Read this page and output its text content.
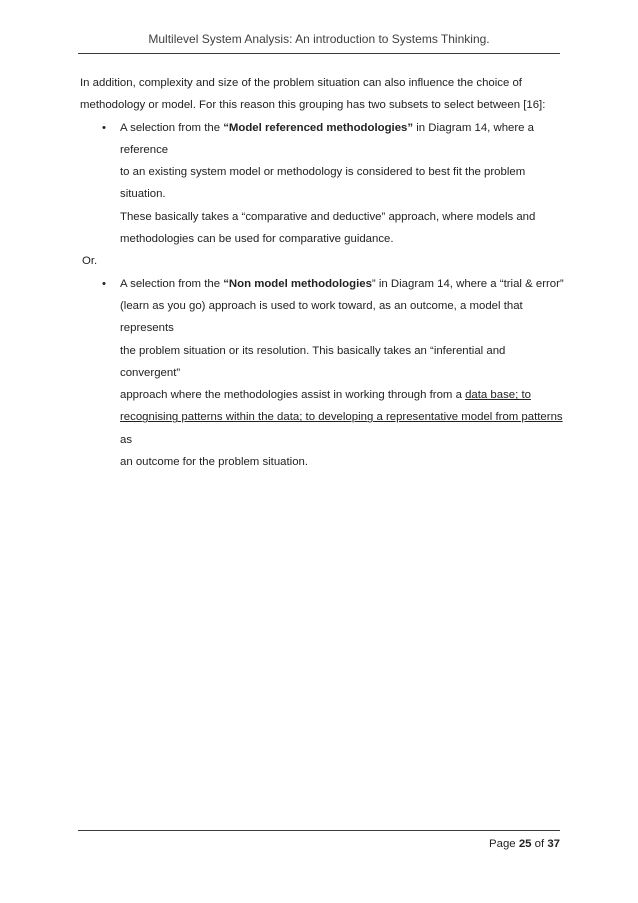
Multilevel System Analysis: An introduction to Systems Thinking.

In addition, complexity and size of the problem situation can also influence the choice of
methodology or model. For this reason this grouping has two subsets to select between [16]:

•	A selection from the “Model referenced methodologies” in Diagram 14, where a reference
to an existing system model or methodology is considered to best fit the problem situation.
These basically takes a “comparative and deductive” approach, where models and
methodologies can be used for comparative guidance.
Or.
•	A selection from the “Non model methodologies” in Diagram 14, where a “trial & error”
(learn as you go) approach is used to work toward, as an outcome, a model that represents
the problem situation or its resolution. This basically takes an “inferential and convergent”
approach where the methodologies assist in working through from a data base; to
recognising patterns within the data; to developing a representative model from patterns as
an outcome for the problem situation.
Page 25 of 37
